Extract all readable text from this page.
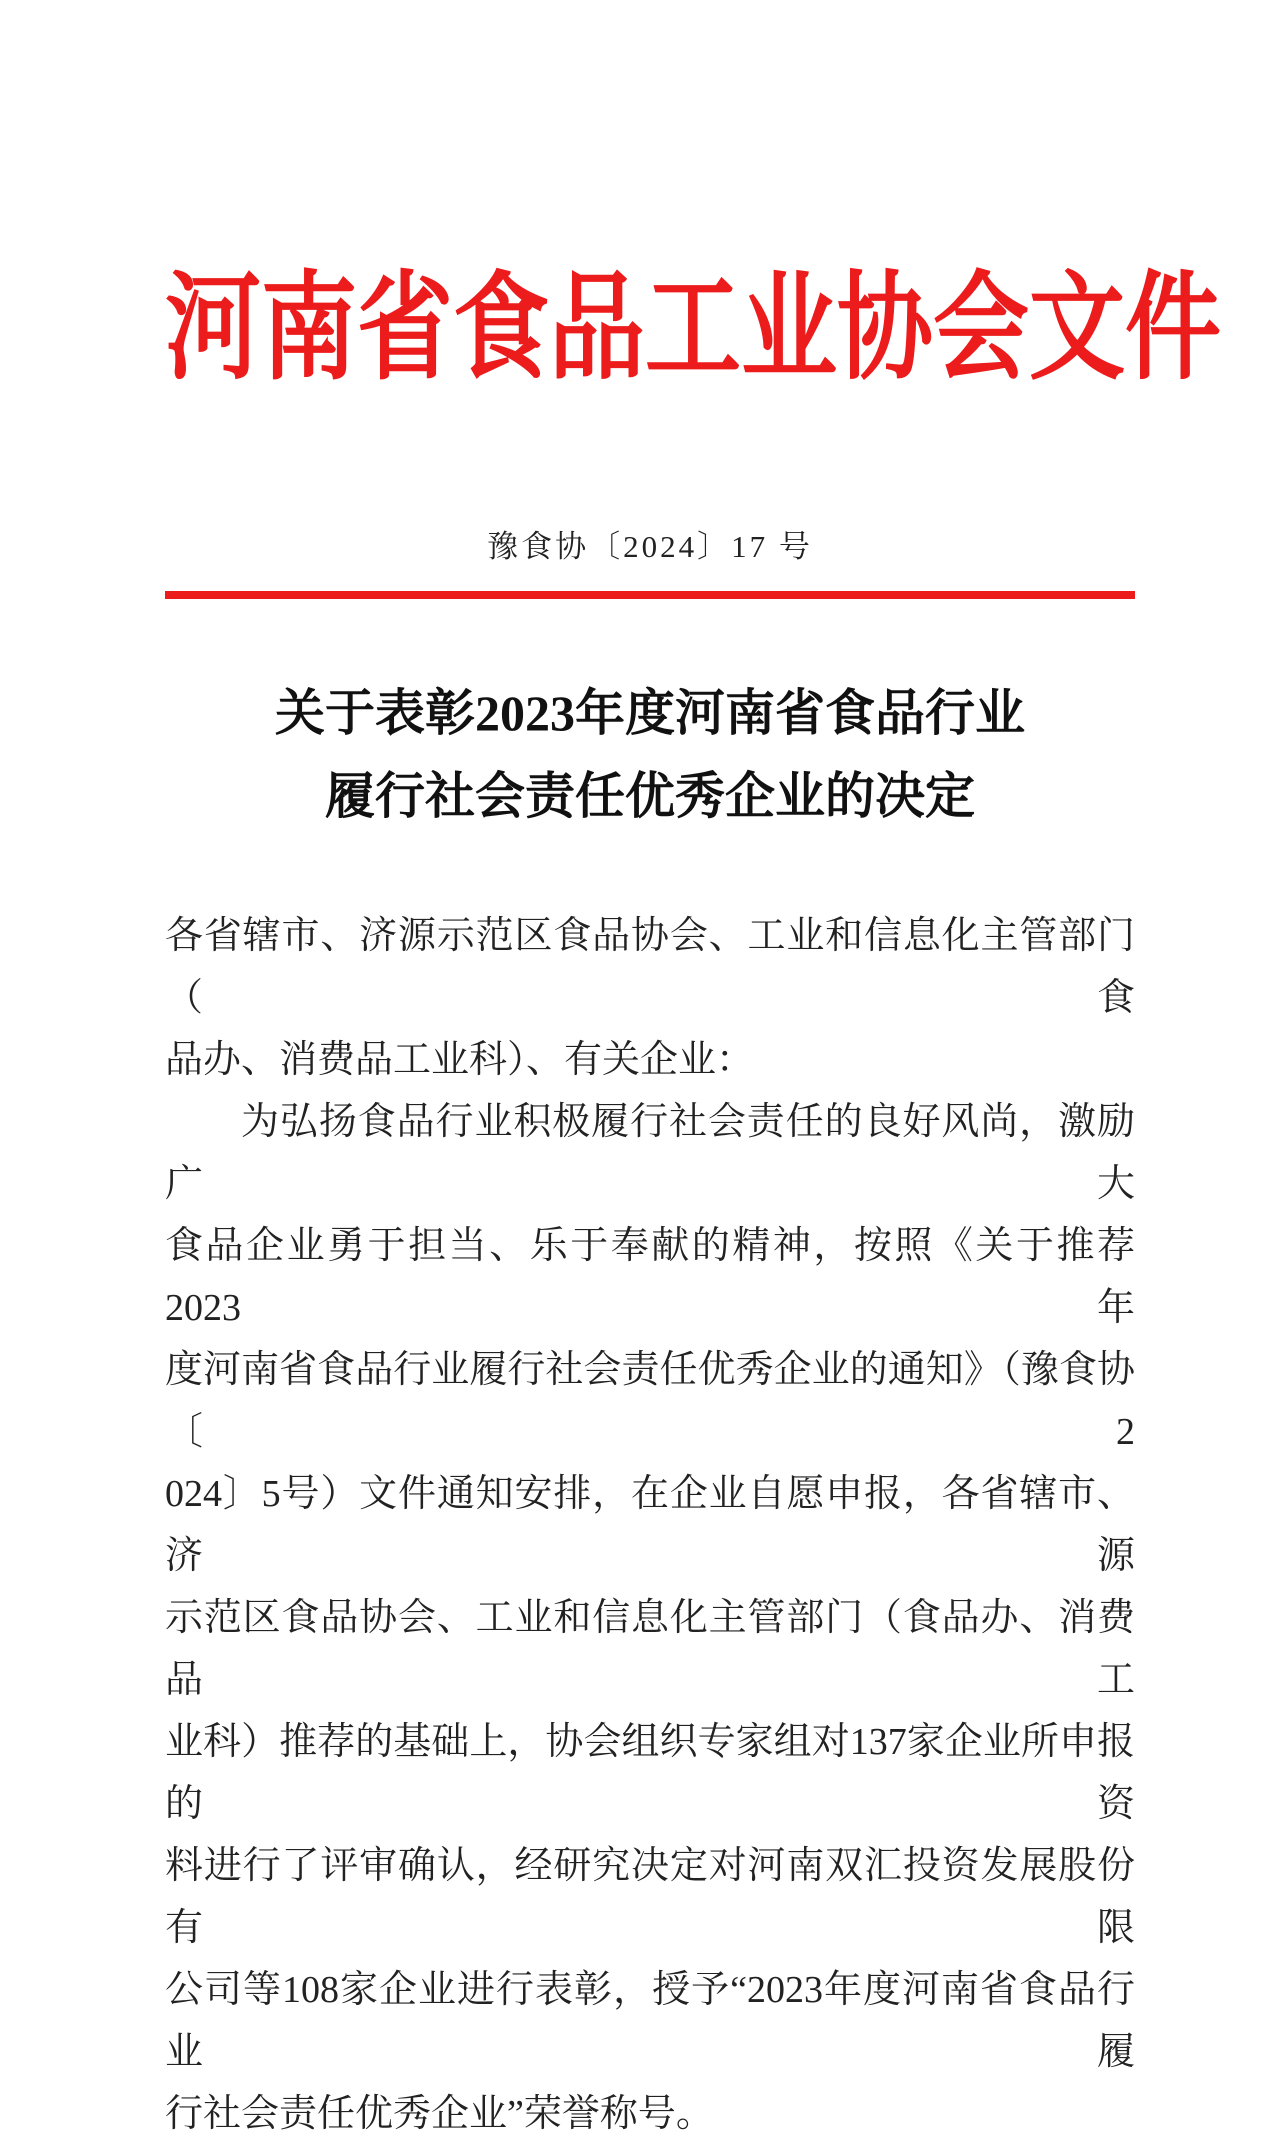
河南省食品工业协会文件
豫食协〔2024〕17 号
关于表彰2023年度河南省食品行业
履行社会责任优秀企业的决定
各省辖市、济源示范区食品协会、工业和信息化主管部门（食
品办、消费品工业科）、有关企业：
为弘扬食品行业积极履行社会责任的良好风尚，激励广大
食品企业勇于担当、乐于奉献的精神，按照《关于推荐2023年
度河南省食品行业履行社会责任优秀企业的通知》（豫食协〔2
024〕5号）文件通知安排，在企业自愿申报，各省辖市、济源
示范区食品协会、工业和信息化主管部门（食品办、消费品工
业科）推荐的基础上，协会组织专家组对137家企业所申报的资
料进行了评审确认，经研究决定对河南双汇投资发展股份有限
公司等108家企业进行表彰，授予“2023年度河南省食品行业履
行社会责任优秀企业”荣誉称号。
